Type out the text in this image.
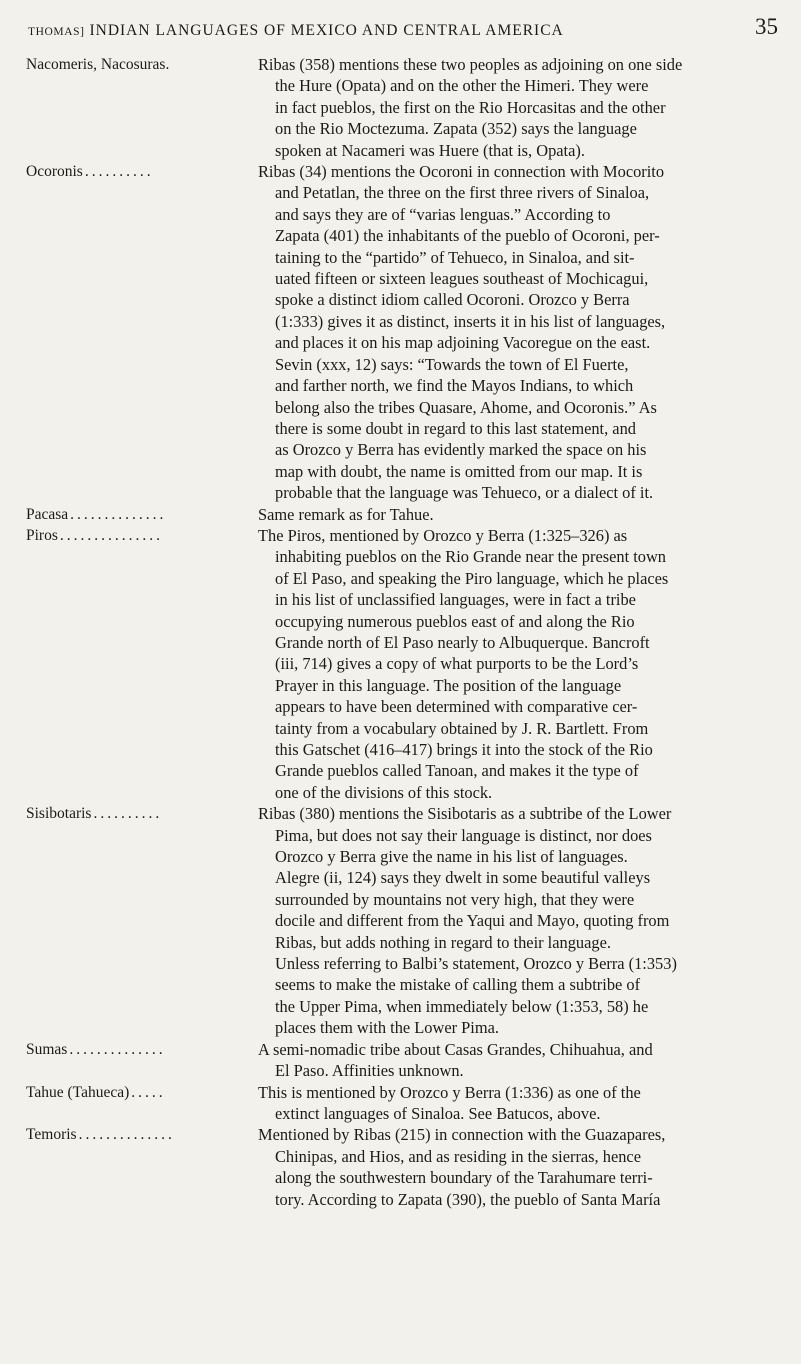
THOMAS] INDIAN LANGUAGES OF MEXICO AND CENTRAL AMERICA	35
Nacomeris, Nacosuras.	Ribas (358) mentions these two peoples as adjoining on one side
the Hure (Opata) and on the other the Himeri. They were
in fact pueblos, the first on the Rio Horcasitas and the other
on the Rio Moctezuma. Zapata (352) says the language
spoken at Nacameri was Huere (that is, Opata).
Ocoronis ..........	Ribas (34) mentions the Ocoroni in connection with Mocorito
and Petatlan, the three on the first three rivers of Sinaloa,
and says they are of “varias lenguas.” According to
Zapata (401) the inhabitants of the pueblo of Ocoroni, per-
taining to the “partido” of Tehueco, in Sinaloa, and sit-
uated fifteen or sixteen leagues southeast of Mochicagui,
spoke a distinct idiom called Ocoroni. Orozco y Berra
(1:333) gives it as distinct, inserts it in his list of languages,
and places it on his map adjoining Vacoregue on the east.
Sevin (xxx, 12) says: “Towards the town of El Fuerte,
and farther north, we find the Mayos Indians, to which
belong also the tribes Quasare, Ahome, and Ocoronis.” As
there is some doubt in regard to this last statement, and
as Orozco y Berra has evidently marked the space on his
map with doubt, the name is omitted from our map. It is
probable that the language was Tehueco, or a dialect of it.
Pacasa ..............	Same remark as for Tahue.
Piros ...............	The Piros, mentioned by Orozco y Berra (1:325–326) as
inhabiting pueblos on the Rio Grande near the present town
of El Paso, and speaking the Piro language, which he places
in his list of unclassified languages, were in fact a tribe
occupying numerous pueblos east of and along the Rio
Grande north of El Paso nearly to Albuquerque. Bancroft
(iii, 714) gives a copy of what purports to be the Lord’s
Prayer in this language. The position of the language
appears to have been determined with comparative cer-
tainty from a vocabulary obtained by J. R. Bartlett. From
this Gatschet (416–417) brings it into the stock of the Rio
Grande pueblos called Tanoan, and makes it the type of
one of the divisions of this stock.
Sisibotaris ..........	Ribas (380) mentions the Sisibotaris as a subtribe of the Lower
Pima, but does not say their language is distinct, nor does
Orozco y Berra give the name in his list of languages.
Alegre (ii, 124) says they dwelt in some beautiful valleys
surrounded by mountains not very high, that they were
docile and different from the Yaqui and Mayo, quoting from
Ribas, but adds nothing in regard to their language.
Unless referring to Balbi’s statement, Orozco y Berra (1:353)
seems to make the mistake of calling them a subtribe of
the Upper Pima, when immediately below (1:353, 58) he
places them with the Lower Pima.
Sumas ..............	A semi-nomadic tribe about Casas Grandes, Chihuahua, and
El Paso. Affinities unknown.
Tahue (Tahueca) .....	This is mentioned by Orozco y Berra (1:336) as one of the
extinct languages of Sinaloa. See Batucos, above.
Temoris ..............	Mentioned by Ribas (215) in connection with the Guazapares,
Chinipas, and Hios, and as residing in the sierras, hence
along the southwestern boundary of the Tarahumare terri-
tory. According to Zapata (390), the pueblo of Santa María
